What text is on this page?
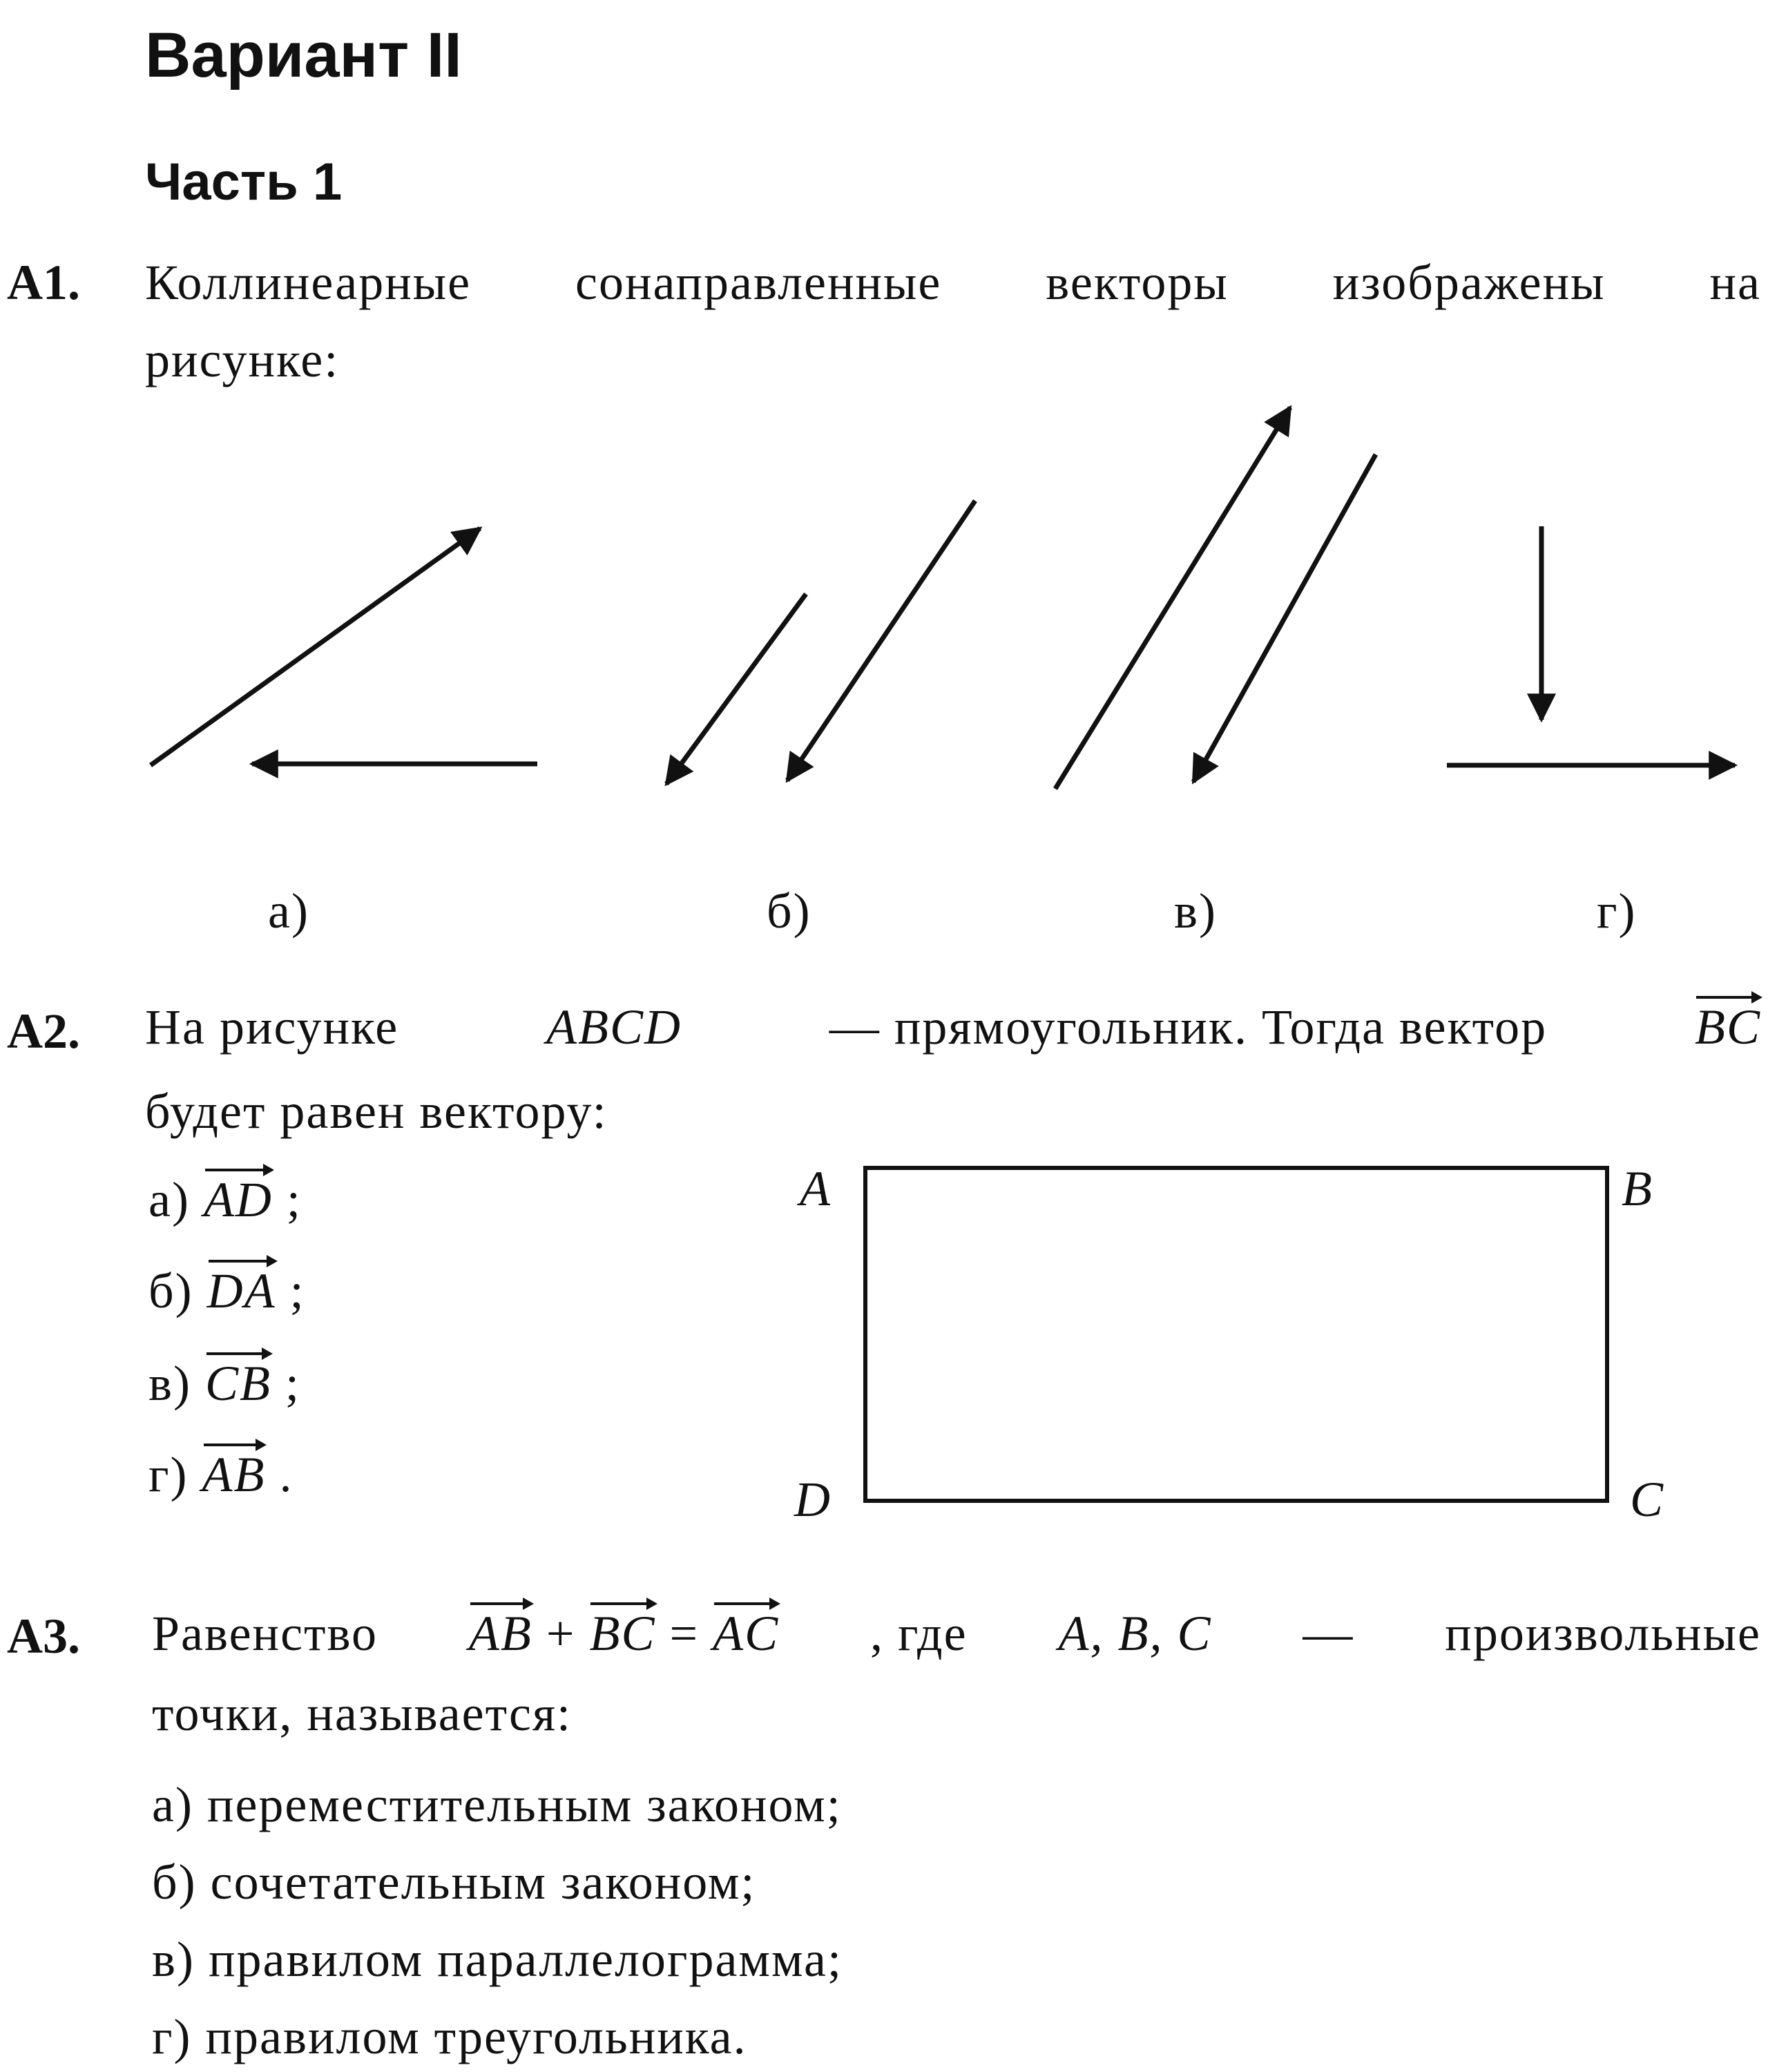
Вариант II
Часть 1
А1. Коллинеарные сонаправленные векторы изображены на
рисунке:
а)	б)	в)	г)
А2. На рисунке	ABCD	— прямоугольник. Тогда вектор	BC
будет равен вектору:
а) AD ;
б) DA ;
в) CB ;
г) AB .
A	B
C
D
А3. Равенство AB + BC = AC , где A, B, C — произвольные
точки, называется:
а) переместительным законом;
б) сочетательным законом;
в) правилом параллелограмма;
г) правилом треугольника.
